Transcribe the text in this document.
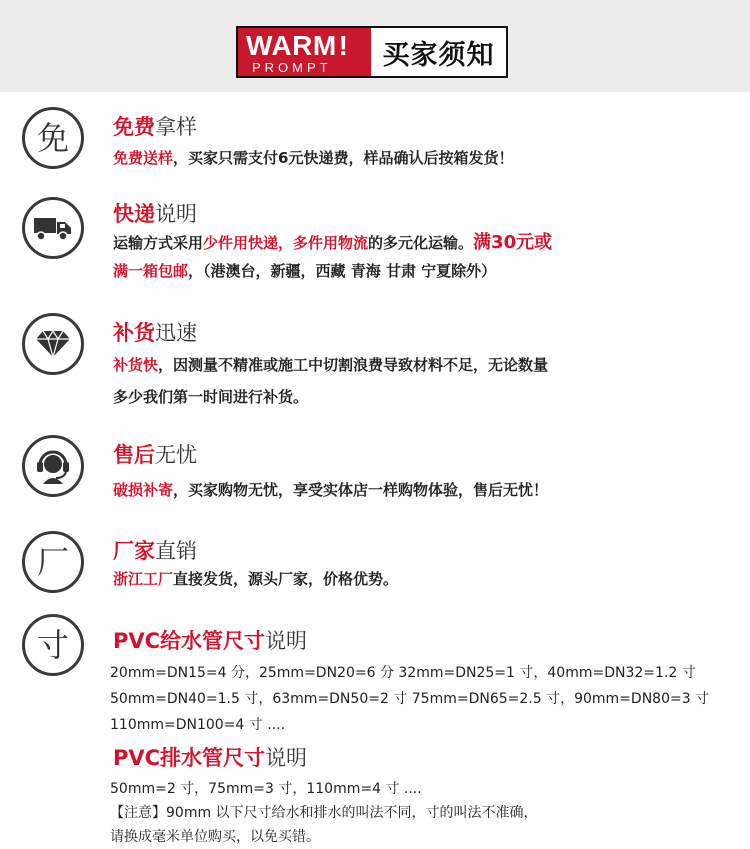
WARM!
PROMPT	买家须知
免 免费拿样
免费送样，买家只需支付6元快递费，样品确认后按箱发货！
快递说明
运输方式采用少件用快递，多件用物流的多元化运输。满30元或
满一箱包邮，（港澳台，新疆，西藏 青海 甘肃 宁夏除外）
补货迅速
补货快，因测量不精准或施工中切割浪费导致材料不足，无论数量
多少我们第一时间进行补货。
售后无忧
破损补寄，买家购物无忧，享受实体店一样购物体验，售后无忧！
厂 厂家直销
浙江工厂直接发货，源头厂家，价格优势。
寸 PVC给水管尺寸说明
20mm=DN15=4 分，25mm=DN20=6 分 32mm=DN25=1 寸，40mm=DN32=1.2 寸
50mm=DN40=1.5 寸，63mm=DN50=2 寸 75mm=DN65=2.5 寸，90mm=DN80=3 寸
110mm=DN100=4 寸 ....
PVC排水管尺寸说明
50mm=2 寸，75mm=3 寸，110mm=4 寸 ....
【注意】90mm 以下尺寸给水和排水的叫法不同，寸的叫法不准确，
请换成毫米单位购买，以免买错。
